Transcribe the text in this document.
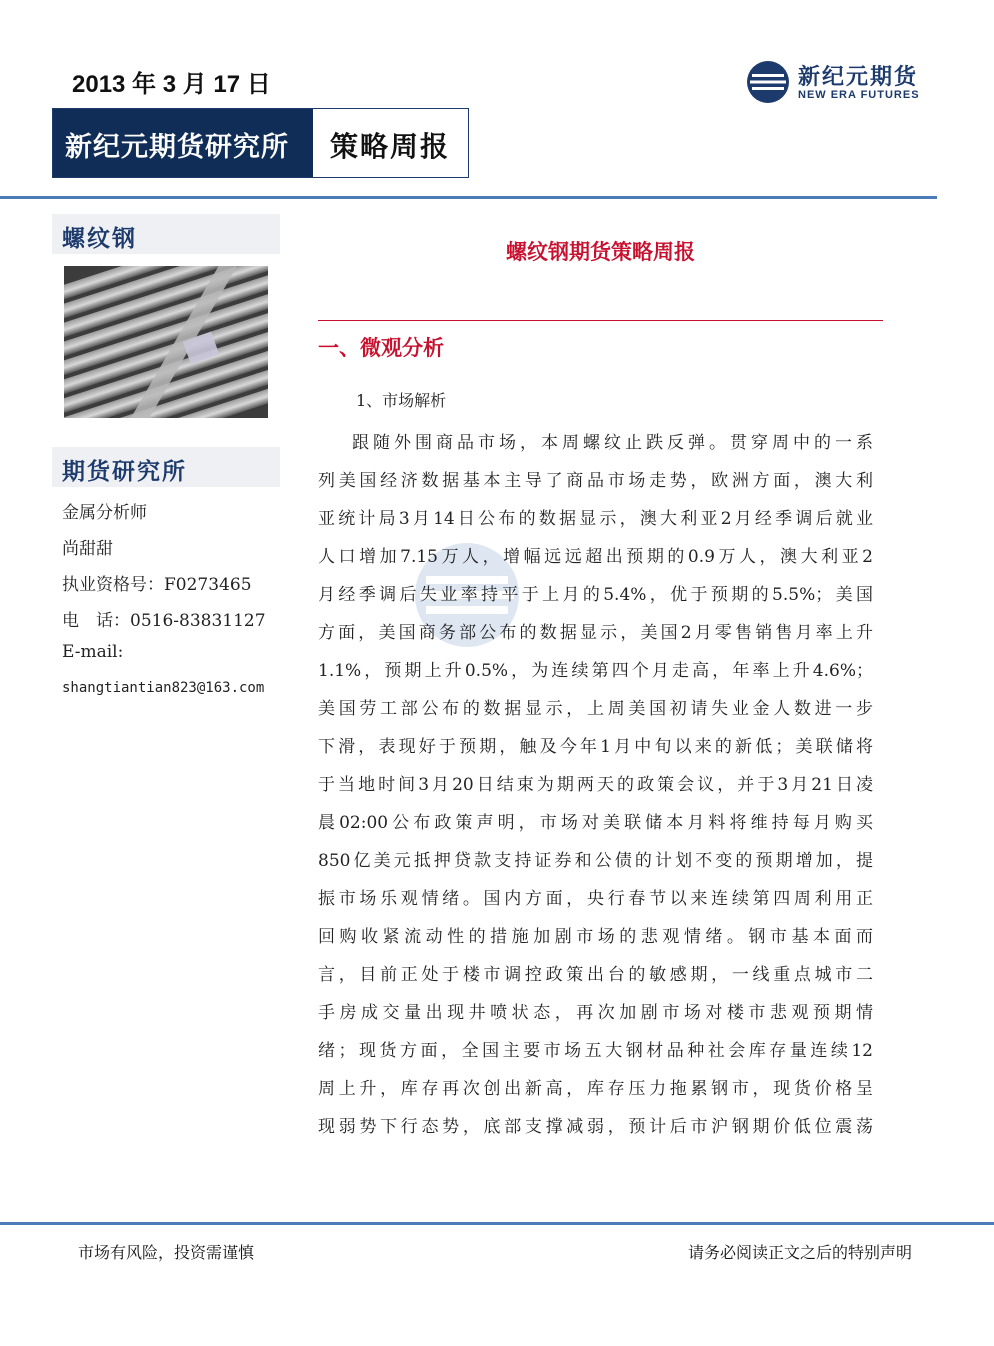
2013 年 3 月 17 日	新纪元期货
NEW ERA FUTURES
新纪元期货研究所 策略周报
螺纹钢
期货研究所
金属分析师
尚甜甜
执业资格号：F0273465
电　话：0516-83831127
E-mail:
shangtiantian823@163.com
螺纹钢期货策略周报
一、微观分析
1、市场解析
跟随外围商品市场，本周螺纹止跌反弹。贯穿周中的一系
列美国经济数据基本主导了商品市场走势，欧洲方面，澳大利
亚统计局3月14日公布的数据显示，澳大利亚2月经季调后就业
人口增加7.15万人，增幅远远超出预期的0.9万人，澳大利亚2
月经季调后失业率持平于上月的5.4%，优于预期的5.5%；美国
方面，美国商务部公布的数据显示，美国2月零售销售月率上升
1.1%，预期上升0.5%，为连续第四个月走高，年率上升4.6%；
美国劳工部公布的数据显示，上周美国初请失业金人数进一步
下滑，表现好于预期，触及今年1月中旬以来的新低；美联储将
于当地时间3月20日结束为期两天的政策会议，并于3月21日凌
晨02:00公布政策声明，市场对美联储本月料将维持每月购买
850亿美元抵押贷款支持证券和公债的计划不变的预期增加，提
振市场乐观情绪。国内方面，央行春节以来连续第四周利用正
回购收紧流动性的措施加剧市场的悲观情绪。钢市基本面而
言，目前正处于楼市调控政策出台的敏感期，一线重点城市二
手房成交量出现井喷状态，再次加剧市场对楼市悲观预期情
绪；现货方面，全国主要市场五大钢材品种社会库存量连续12
周上升，库存再次创出新高，库存压力拖累钢市，现货价格呈
现弱势下行态势，底部支撑减弱，预计后市沪钢期价低位震荡
市场有风险，投资需谨慎	请务必阅读正文之后的特别声明
